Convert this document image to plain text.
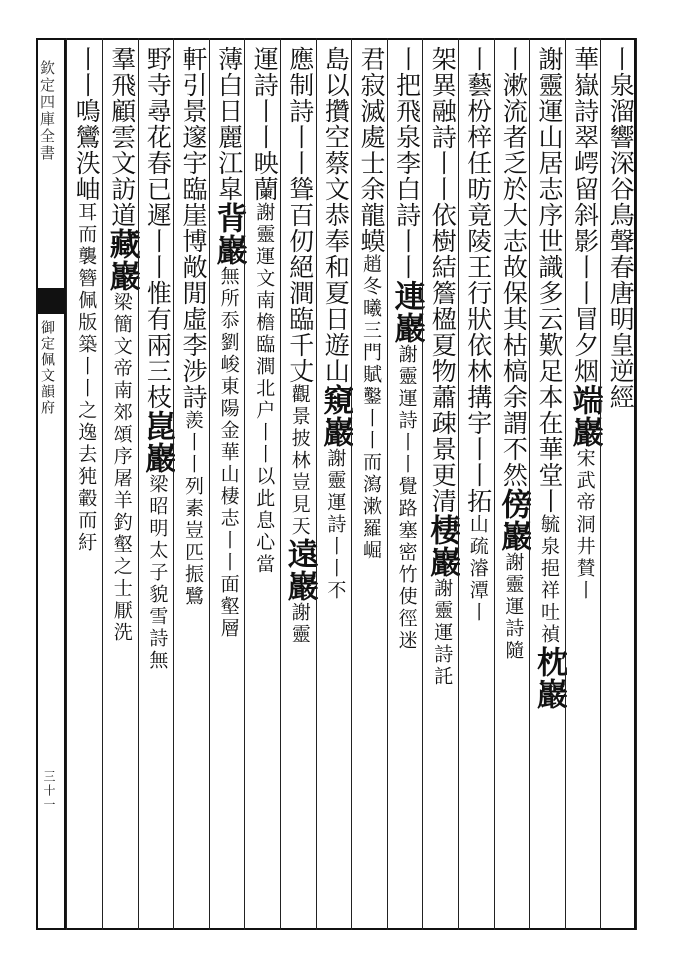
欽定四庫全書
御定佩文韻府
三十一
丨泉溜響深谷鳥聲春唐明皇逆經
華嶽詩翠崿留斜影丨丨冒夕烟端巖宋武帝洞井賛丨
謝靈運山居志序世識多云歎足本在華堂丨毓泉挹祥吐禎枕巖
丨漱流者乏於大志故保其枯槁余謂不然傍巖謝靈運詩隨
丨藝枌梓任昉竟陵王行狀依林搆宇丨丨拓山疏濬潭丨
架異融詩丨丨依樹結簷楹夏物蕭疎景更清棲巖謝靈運詩託
丨把飛泉李白詩丨丨連巖謝靈運詩丨丨覺路塞密竹使徑迷
君寂滅處士余龍蟆趙冬曦三門賦鑿丨丨而瀉漱羅崛
島以攢空蔡文恭奉和夏日遊山窺巖謝靈運詩丨丨不
應制詩丨丨聳百仞絕澗臨千丈觀景披林豈見天遠巖謝靈
運詩丨丨映蘭謝靈運文南檐臨澗北户丨丨以此息心當
薄白日麗江皐背巖無所忝劉峻東陽金華山棲志丨丨面壑層
軒引景邃宇臨崖博敞閒虛李涉詩羨丨丨列素豈匹振鷺
野寺尋花春已遲丨丨惟有兩三枝崑巖梁昭明太子貌雪詩無
羣飛顧雲文訪道藏巖梁簡文帝南郊頌序屠羊釣壑之士厭洗
丨丨鳴鸞泆岫耳而襲簪佩版築丨丨之逸去㹠轂而紆
